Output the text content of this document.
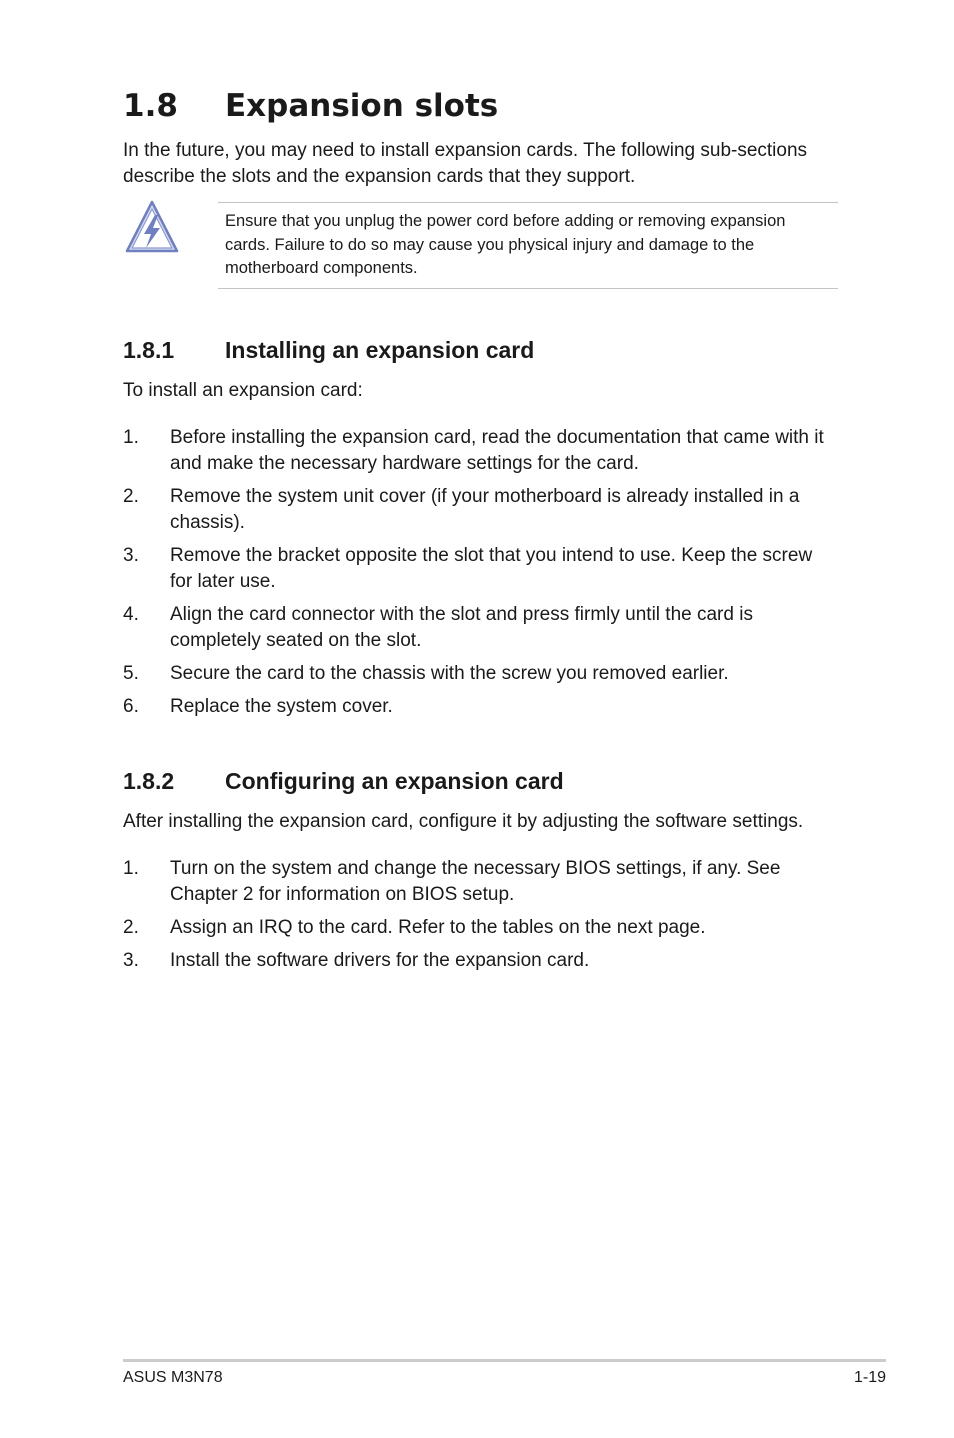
1.8 Expansion slots

In the future, you may need to install expansion cards. The following sub-sections describe the slots and the expansion cards that they support.

Ensure that you unplug the power cord before adding or removing expansion cards. Failure to do so may cause you physical injury and damage to the motherboard components.

1.8.1 Installing an expansion card

To install an expansion card:

1. Before installing the expansion card, read the documentation that came with it and make the necessary hardware settings for the card.
2. Remove the system unit cover (if your motherboard is already installed in a chassis).
3. Remove the bracket opposite the slot that you intend to use. Keep the screw for later use.
4. Align the card connector with the slot and press firmly until the card is completely seated on the slot.
5. Secure the card to the chassis with the screw you removed earlier.
6. Replace the system cover.
1.8.2 Configuring an expansion card

After installing the expansion card, configure it by adjusting the software settings.

1. Turn on the system and change the necessary BIOS settings, if any. See Chapter 2 for information on BIOS setup.
2. Assign an IRQ to the card. Refer to the tables on the next page.
3. Install the software drivers for the expansion card.
ASUS M3N78	1-19
